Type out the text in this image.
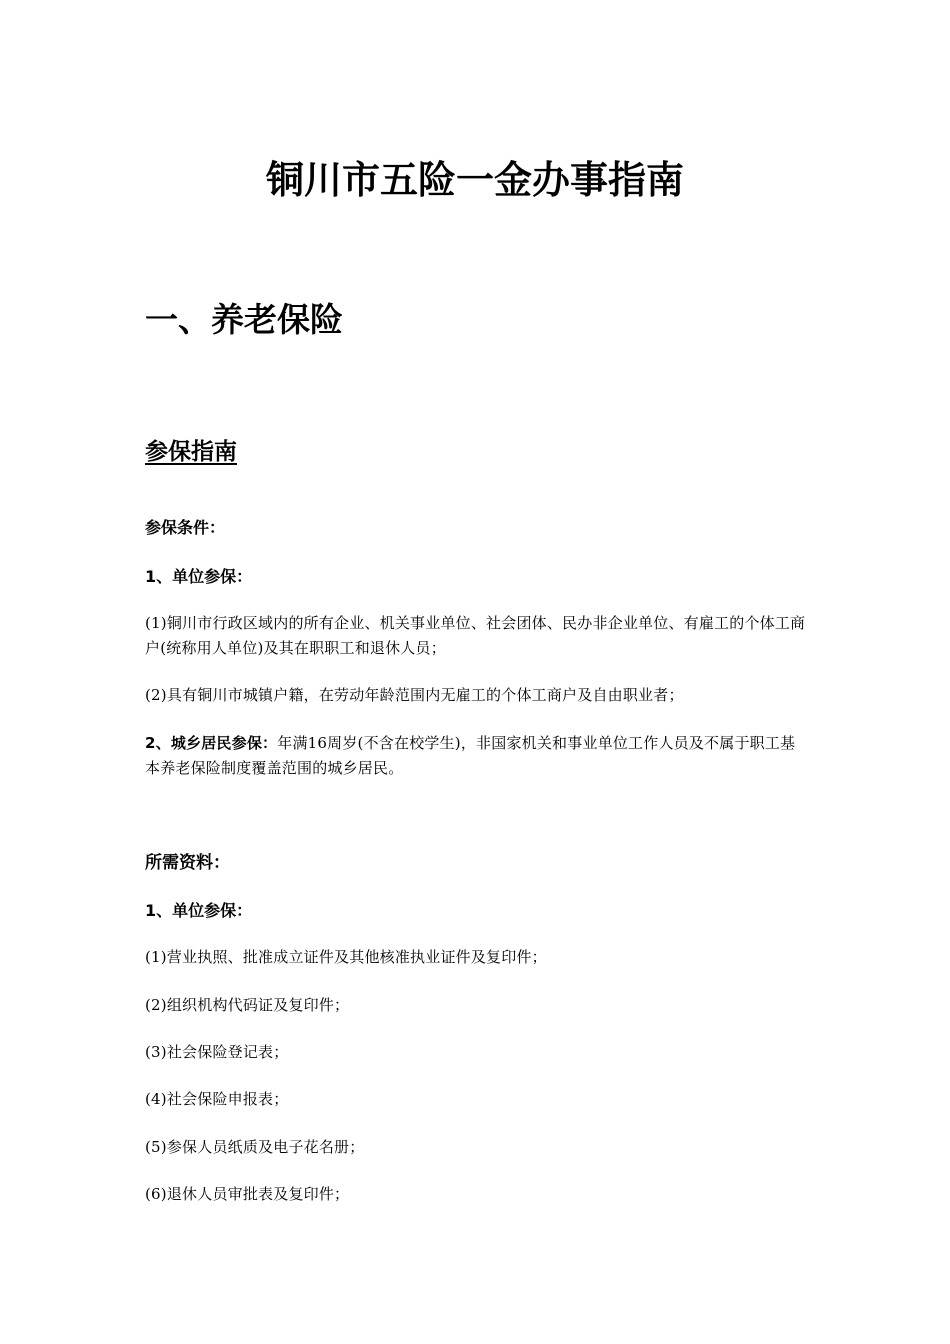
铜川市五险一金办事指南
一、养老保险
参保指南
参保条件：
1、单位参保：

(1)铜川市行政区域内的所有企业、机关事业单位、社会团体、民办非企业单位、有雇工的个体工商户(统称用人单位)及其在职职工和退休人员；

(2)具有铜川市城镇户籍，在劳动年龄范围内无雇工的个体工商户及自由职业者；

2、城乡居民参保：年满16周岁(不含在校学生)，非国家机关和事业单位工作人员及不属于职工基本养老保险制度覆盖范围的城乡居民。

所需资料：
1、单位参保：

(1)营业执照、批准成立证件及其他核准执业证件及复印件；

(2)组织机构代码证及复印件；

(3)社会保险登记表；

(4)社会保险申报表；

(5)参保人员纸质及电子花名册；

(6)退休人员审批表及复印件；
